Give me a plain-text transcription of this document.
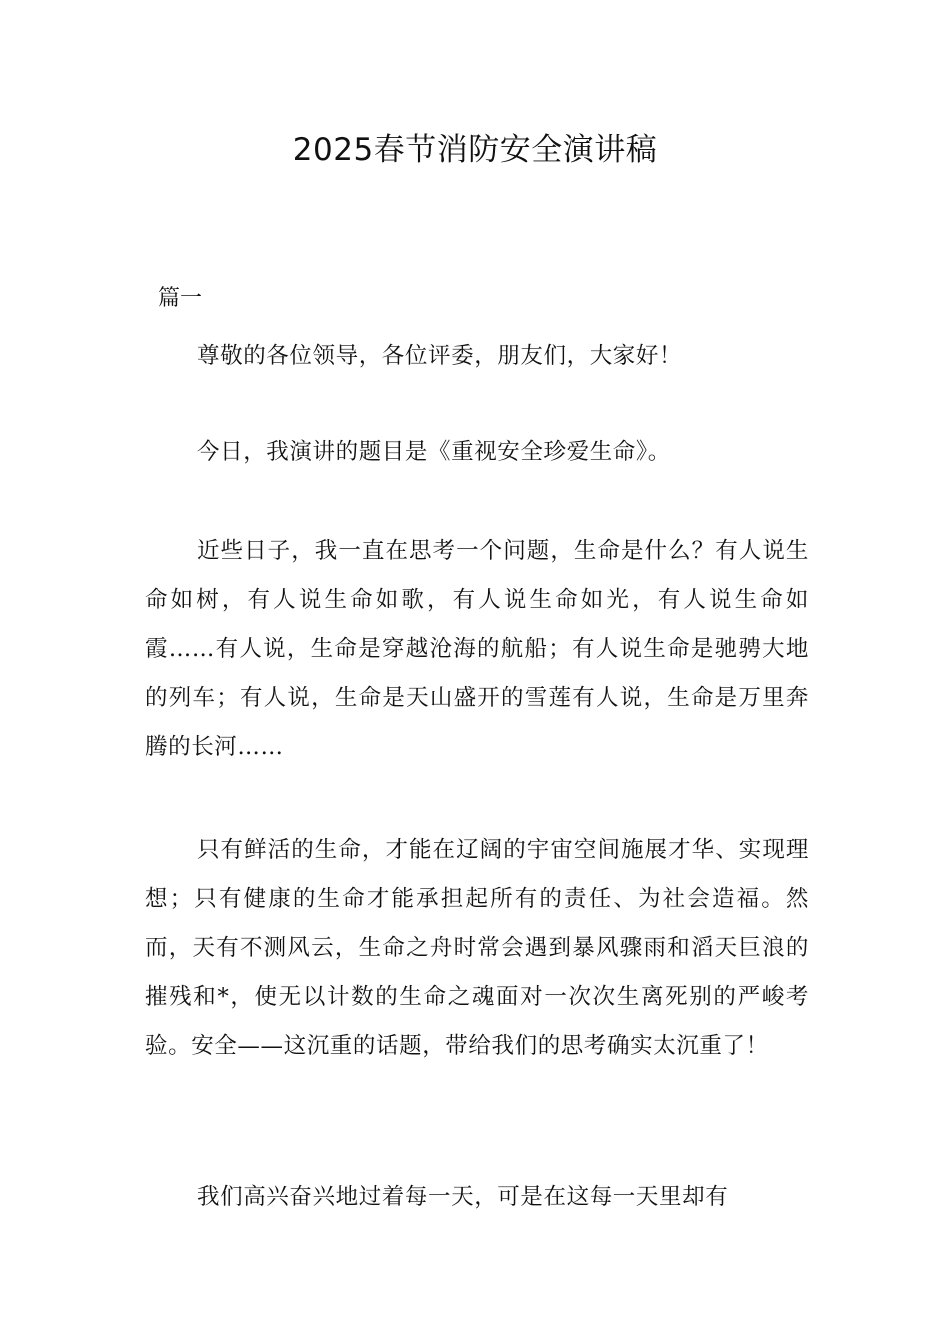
2025春节消防安全演讲稿

篇一

尊敬的各位领导，各位评委，朋友们，大家好！

今日，我演讲的题目是《重视安全珍爱生命》。

近些日子，我一直在思考一个问题，生命是什么？有人说生命如树，有人说生命如歌，有人说生命如光，有人说生命如霞……有人说，生命是穿越沧海的航船；有人说生命是驰骋大地的列车；有人说，生命是天山盛开的雪莲有人说，生命是万里奔腾的长河……

只有鲜活的生命，才能在辽阔的宇宙空间施展才华、实现理想；只有健康的生命才能承担起所有的责任、为社会造福。然而，天有不测风云，生命之舟时常会遇到暴风骤雨和滔天巨浪的摧残和*，使无以计数的生命之魂面对一次次生离死别的严峻考验。安全——这沉重的话题，带给我们的思考确实太沉重了！

我们高兴奋兴地过着每一天，可是在这每一天里却有
